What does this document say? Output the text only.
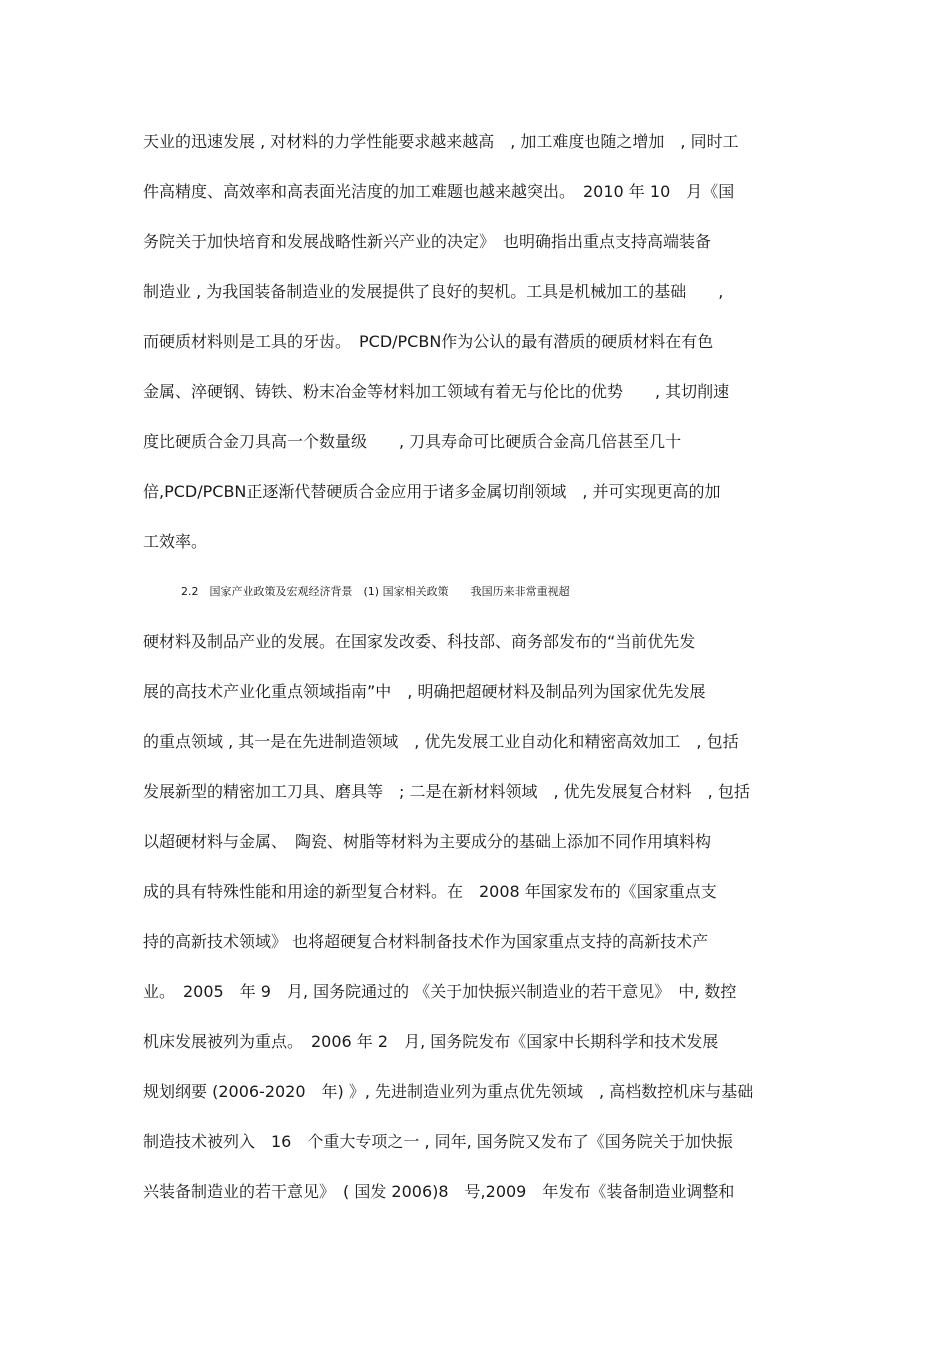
天业的迅速发展 , 对材料的力学性能要求越来越高　, 加工难度也随之增加　, 同时工
件高精度、高效率和高表面光洁度的加工难题也越来越突出。　2010 年 10　月《国
务院关于加快培育和发展战略性新兴产业的决定》　也明确指出重点支持高端装备
制造业 , 为我国装备制造业的发展提供了良好的契机。工具是机械加工的基础　　,
而硬质材料则是工具的牙齿。　PCD/PCBN作为公认的最有潜质的硬质材料在有色
金属、淬硬钢、铸铁、粉末冶金等材料加工领域有着无与伦比的优势　　, 其切削速
度比硬质合金刀具高一个数量级　　, 刀具寿命可比硬质合金高几倍甚至几十
倍,PCD/PCBN正逐渐代替硬质合金应用于诸多金属切削领域　, 并可实现更高的加
工效率。
2.2　国家产业政策及宏观经济背景　(1) 国家相关政策　　我国历来非常重视超
硬材料及制品产业的发展。在国家发改委、科技部、商务部发布的“当前优先发
展的高技术产业化重点领域指南”中　, 明确把超硬材料及制品列为国家优先发展
的重点领域 , 其一是在先进制造领域　, 优先发展工业自动化和精密高效加工　, 包括
发展新型的精密加工刀具、磨具等　; 二是在新材料领域　, 优先发展复合材料　, 包括
以超硬材料与金属、　陶瓷、树脂等材料为主要成分的基础上添加不同作用填料构
成的具有特殊性能和用途的新型复合材料。在　2008 年国家发布的《国家重点支
持的高新技术领域》 也将超硬复合材料制备技术作为国家重点支持的高新技术产
业。　2005　年 9　月, 国务院通过的 《关于加快振兴制造业的若干意见》　中, 数控
机床发展被列为重点。　2006 年 2　月, 国务院发布《国家中长期科学和技术发展
规划纲要 (2006-2020　年) 》, 先进制造业列为重点优先领域　, 高档数控机床与基础
制造技术被列入　16　个重大专项之一 , 同年, 国务院又发布了《国务院关于加快振
兴装备制造业的若干意见》　( 国发 2006)8　号,2009　年发布《装备制造业调整和
